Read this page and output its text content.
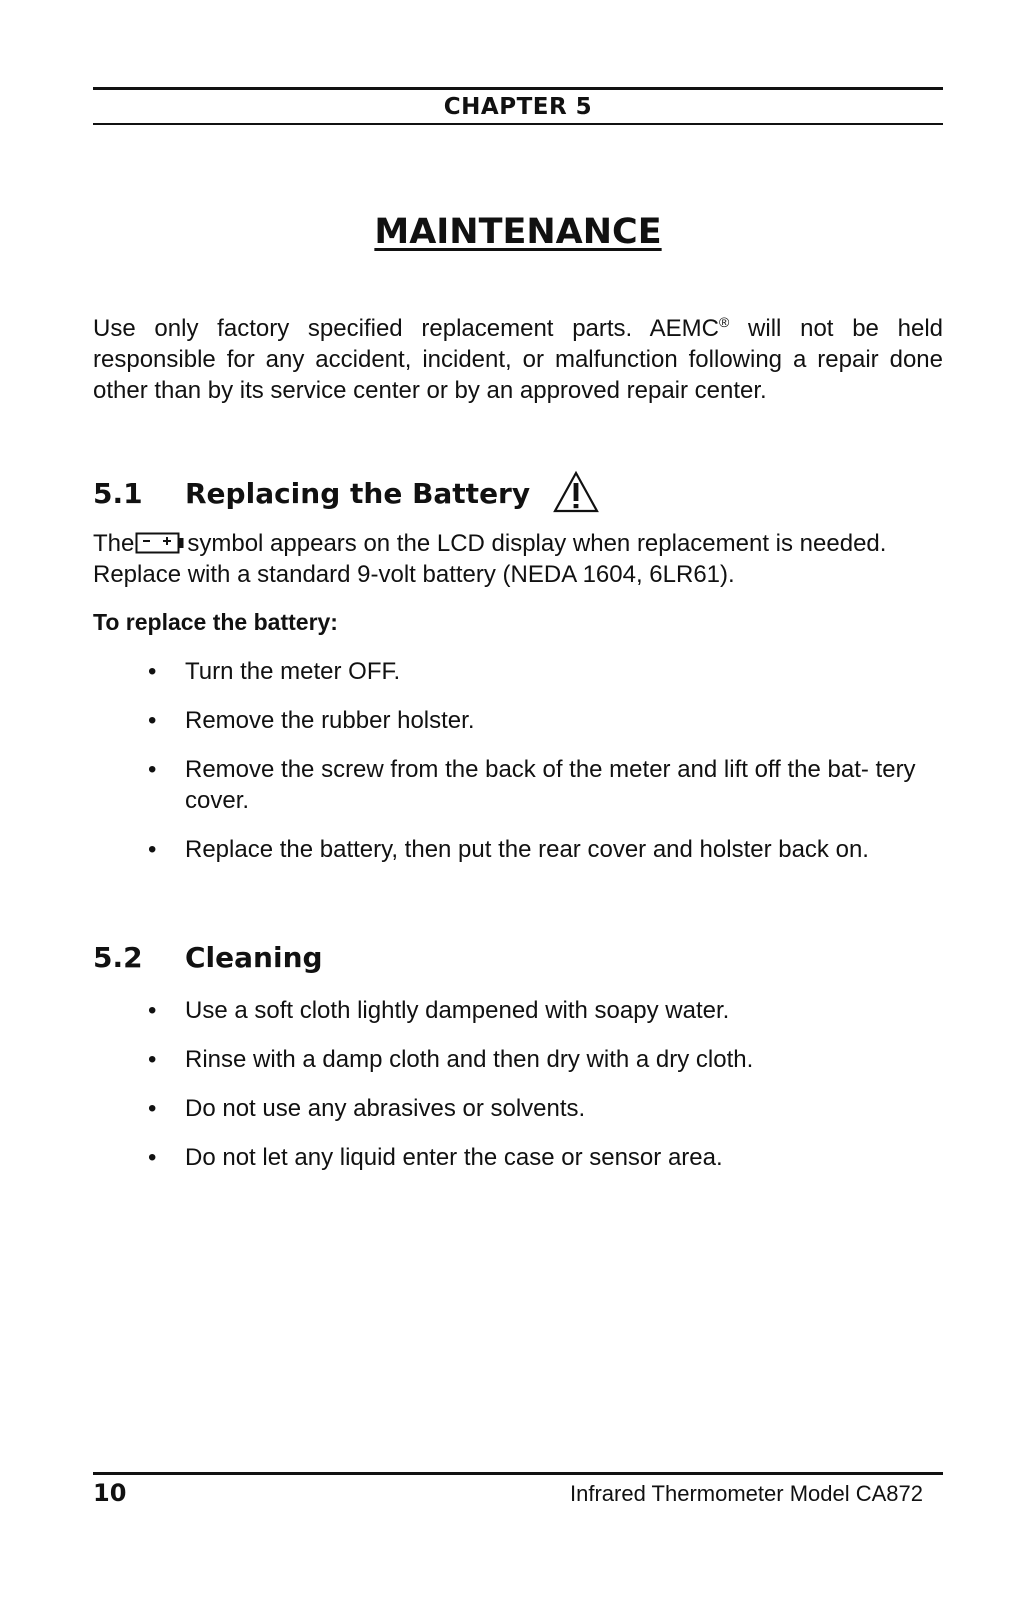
CHAPTER 5
MAINTENANCE

Use only factory specified replacement parts. AEMC® will not be held responsible for any accident, incident, or malfunction following a repair done other than by its service center or by an approved repair center.

5.1	Replacing the Battery

The symbol appears on the LCD display when replacement is needed. Replace with a standard 9-volt battery (NEDA 1604, 6LR61).

To replace the battery:

• Turn the meter OFF.
• Remove the rubber holster.
• Remove the screw from the back of the meter and lift off the bat- tery cover.
• Replace the battery, then put the rear cover and holster back on.
5.2	Cleaning
• Use a soft cloth lightly dampened with soapy water.
• Rinse with a damp cloth and then dry with a dry cloth.
• Do not use any abrasives or solvents.
• Do not let any liquid enter the case or sensor area.
10	Infrared Thermometer Model CA872
